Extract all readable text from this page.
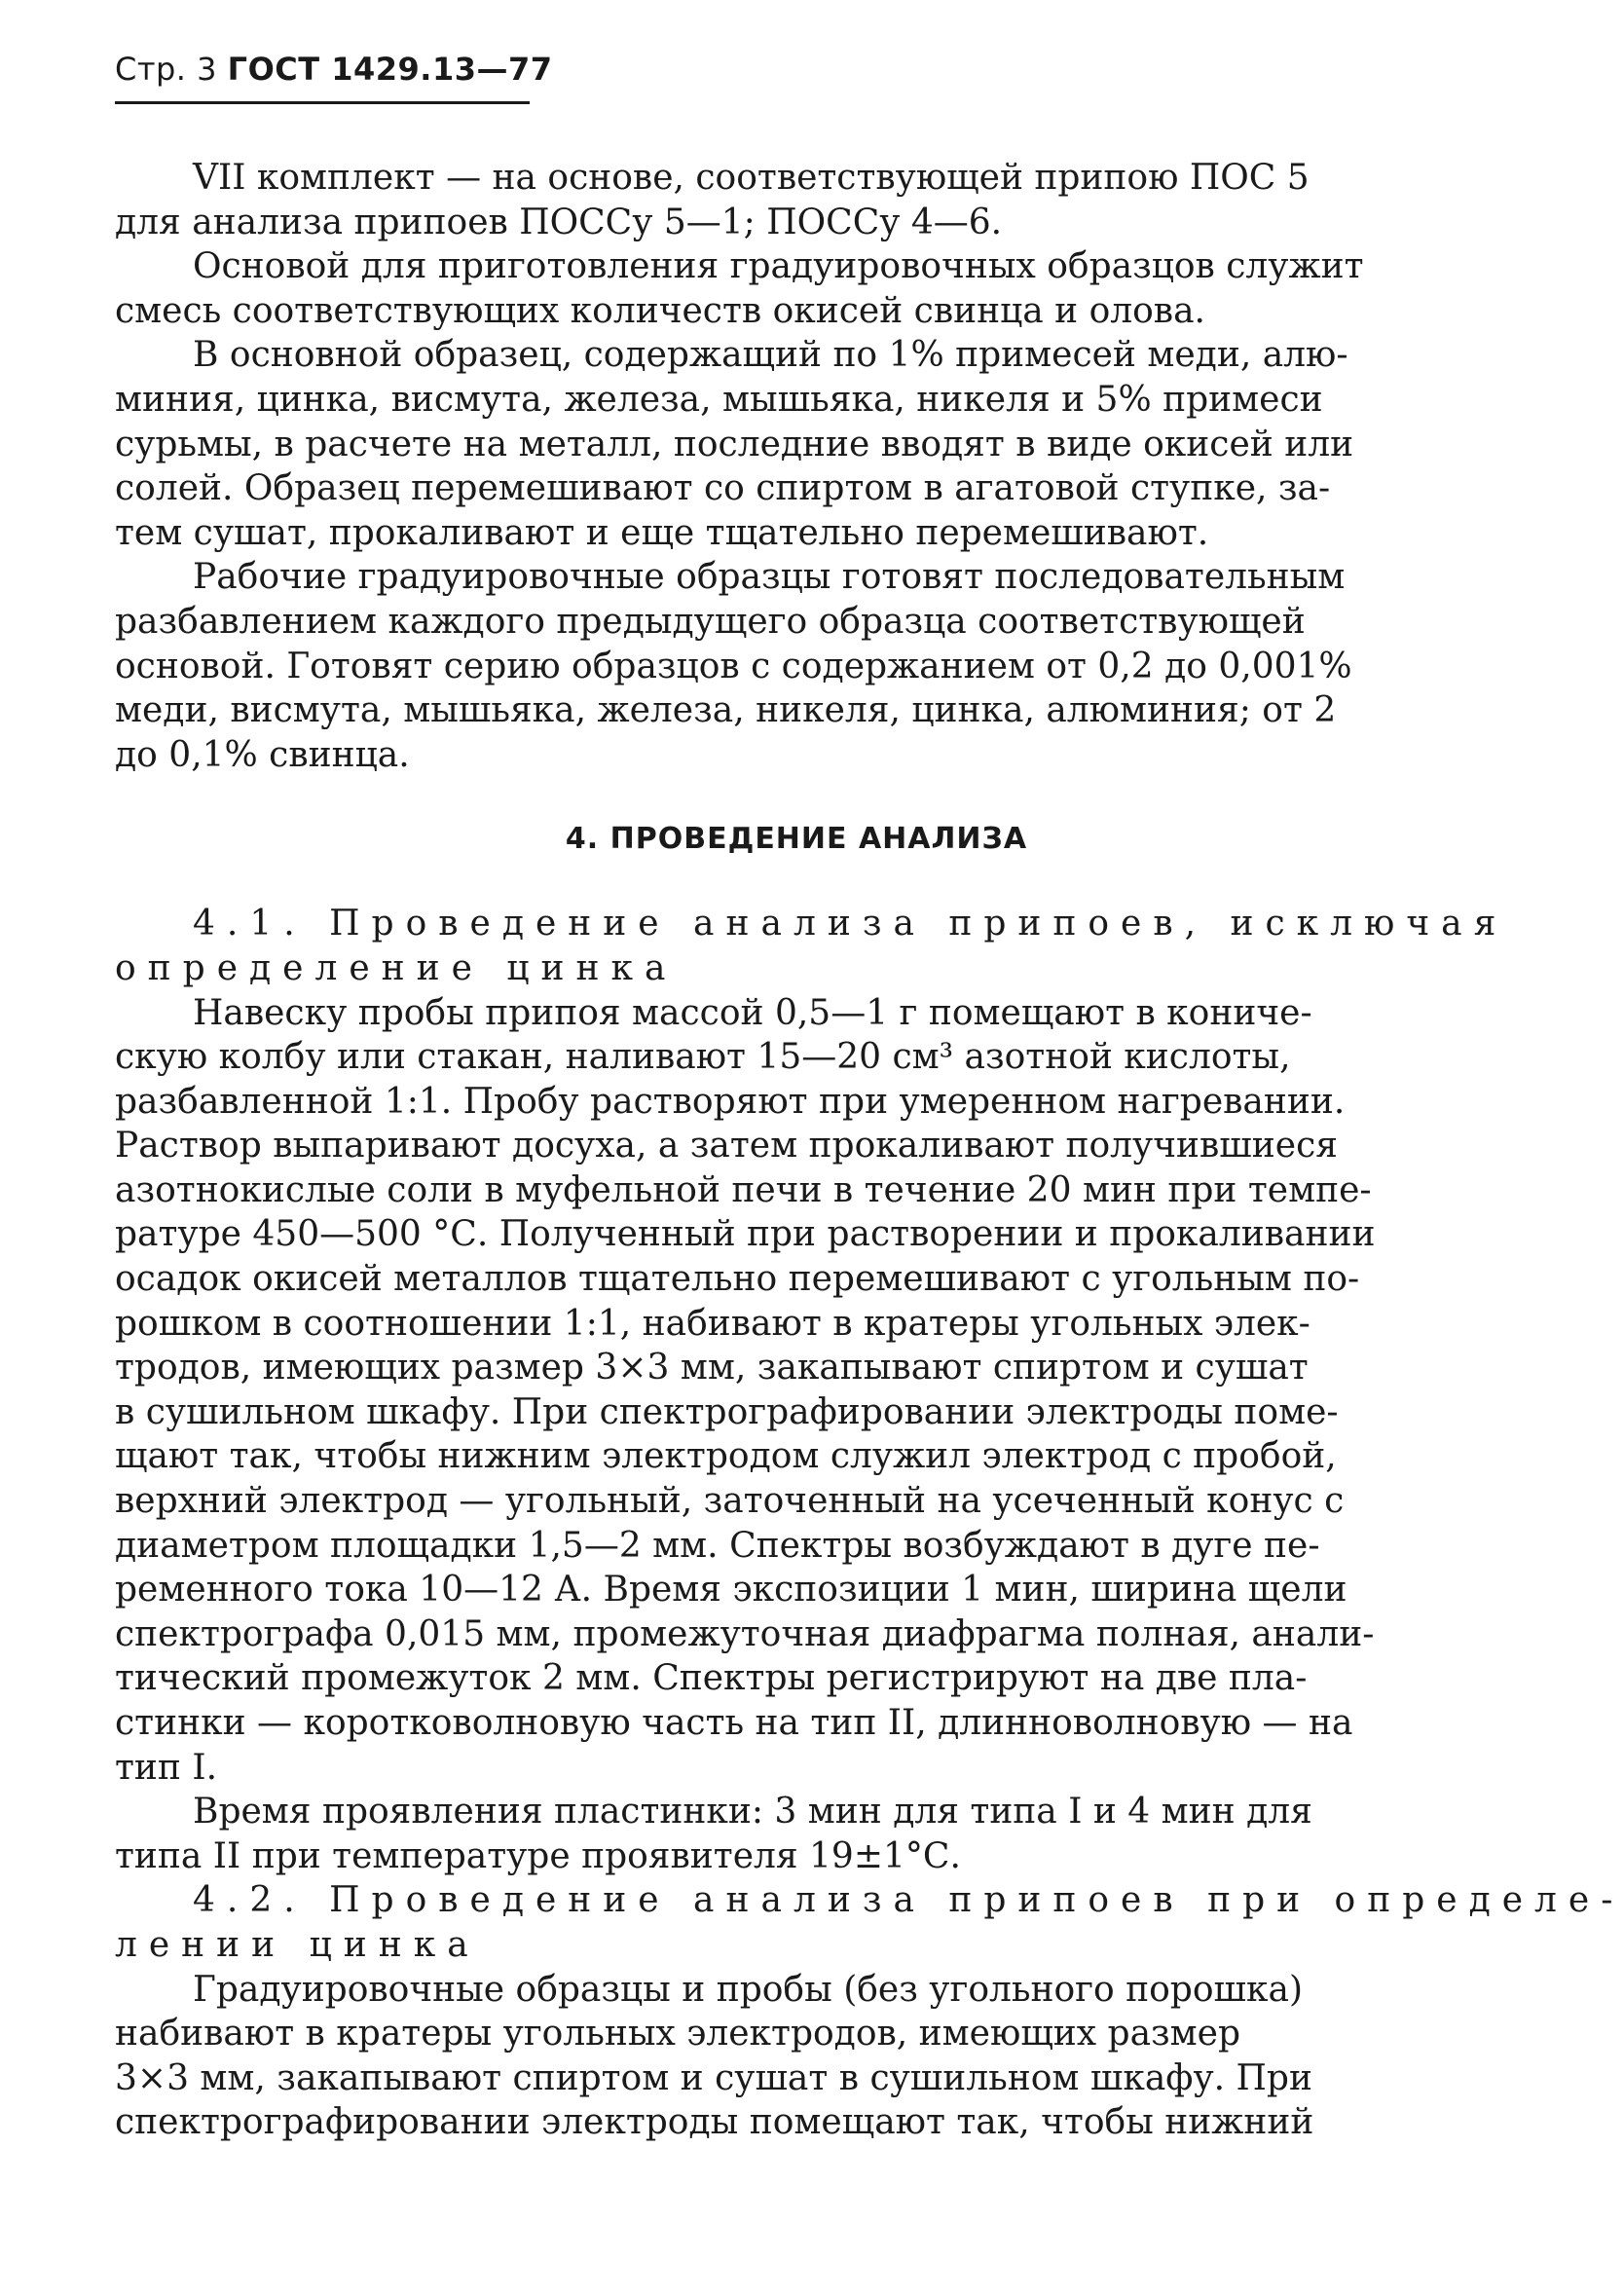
Стр. 3 ГОСТ 1429.13—77
VII комплект — на основе, соответствующей припою ПОС 5
для анализа припоев ПОССу 5—1; ПОССу 4—6.
Основой для приготовления градуировочных образцов служит
смесь соответствующих количеств окисей свинца и олова.
В основной образец, содержащий по 1% примесей меди, алю-
миния, цинка, висмута, железа, мышьяка, никеля и 5% примеси
сурьмы, в расчете на металл, последние вводят в виде окисей или
солей. Образец перемешивают со спиртом в агатовой ступке, за-
тем сушат, прокаливают и еще тщательно перемешивают.
Рабочие градуировочные образцы готовят последовательным
разбавлением каждого предыдущего образца соответствующей
основой. Готовят серию образцов с содержанием от 0,2 до 0,001%
меди, висмута, мышьяка, железа, никеля, цинка, алюминия; от 2
до 0,1% свинца.
4. ПРОВЕДЕНИЕ АНАЛИЗА
4.1. Проведение анализа припоев, исключая
определение цинка
Навеску пробы припоя массой 0,5—1 г помещают в кониче-
скую колбу или стакан, наливают 15—20 см³ азотной кислоты,
разбавленной 1:1. Пробу растворяют при умеренном нагревании.
Раствор выпаривают досуха, а затем прокаливают получившиеся
азотнокислые соли в муфельной печи в течение 20 мин при темпе-
ратуре 450—500 °С. Полученный при растворении и прокаливании
осадок окисей металлов тщательно перемешивают с угольным по-
рошком в соотношении 1:1, набивают в кратеры угольных элек-
тродов, имеющих размер 3×3 мм, закапывают спиртом и сушат
в сушильном шкафу. При спектрографировании электроды поме-
щают так, чтобы нижним электродом служил электрод с пробой,
верхний электрод — угольный, заточенный на усеченный конус с
диаметром площадки 1,5—2 мм. Спектры возбуждают в дуге пе-
ременного тока 10—12 А. Время экспозиции 1 мин, ширина щели
спектрографа 0,015 мм, промежуточная диафрагма полная, анали-
тический промежуток 2 мм. Спектры регистрируют на две пла-
стинки — коротковолновую часть на тип II, длинноволновую — на
тип I.
Время проявления пластинки: 3 мин для типа I и 4 мин для
типа II при температуре проявителя 19±1°С.
4.2. Проведение анализа припоев при определе-
лении цинка
Градуировочные образцы и пробы (без угольного порошка)
набивают в кратеры угольных электродов, имеющих размер
3×3 мм, закапывают спиртом и сушат в сушильном шкафу. При
спектрографировании электроды помещают так, чтобы нижний
